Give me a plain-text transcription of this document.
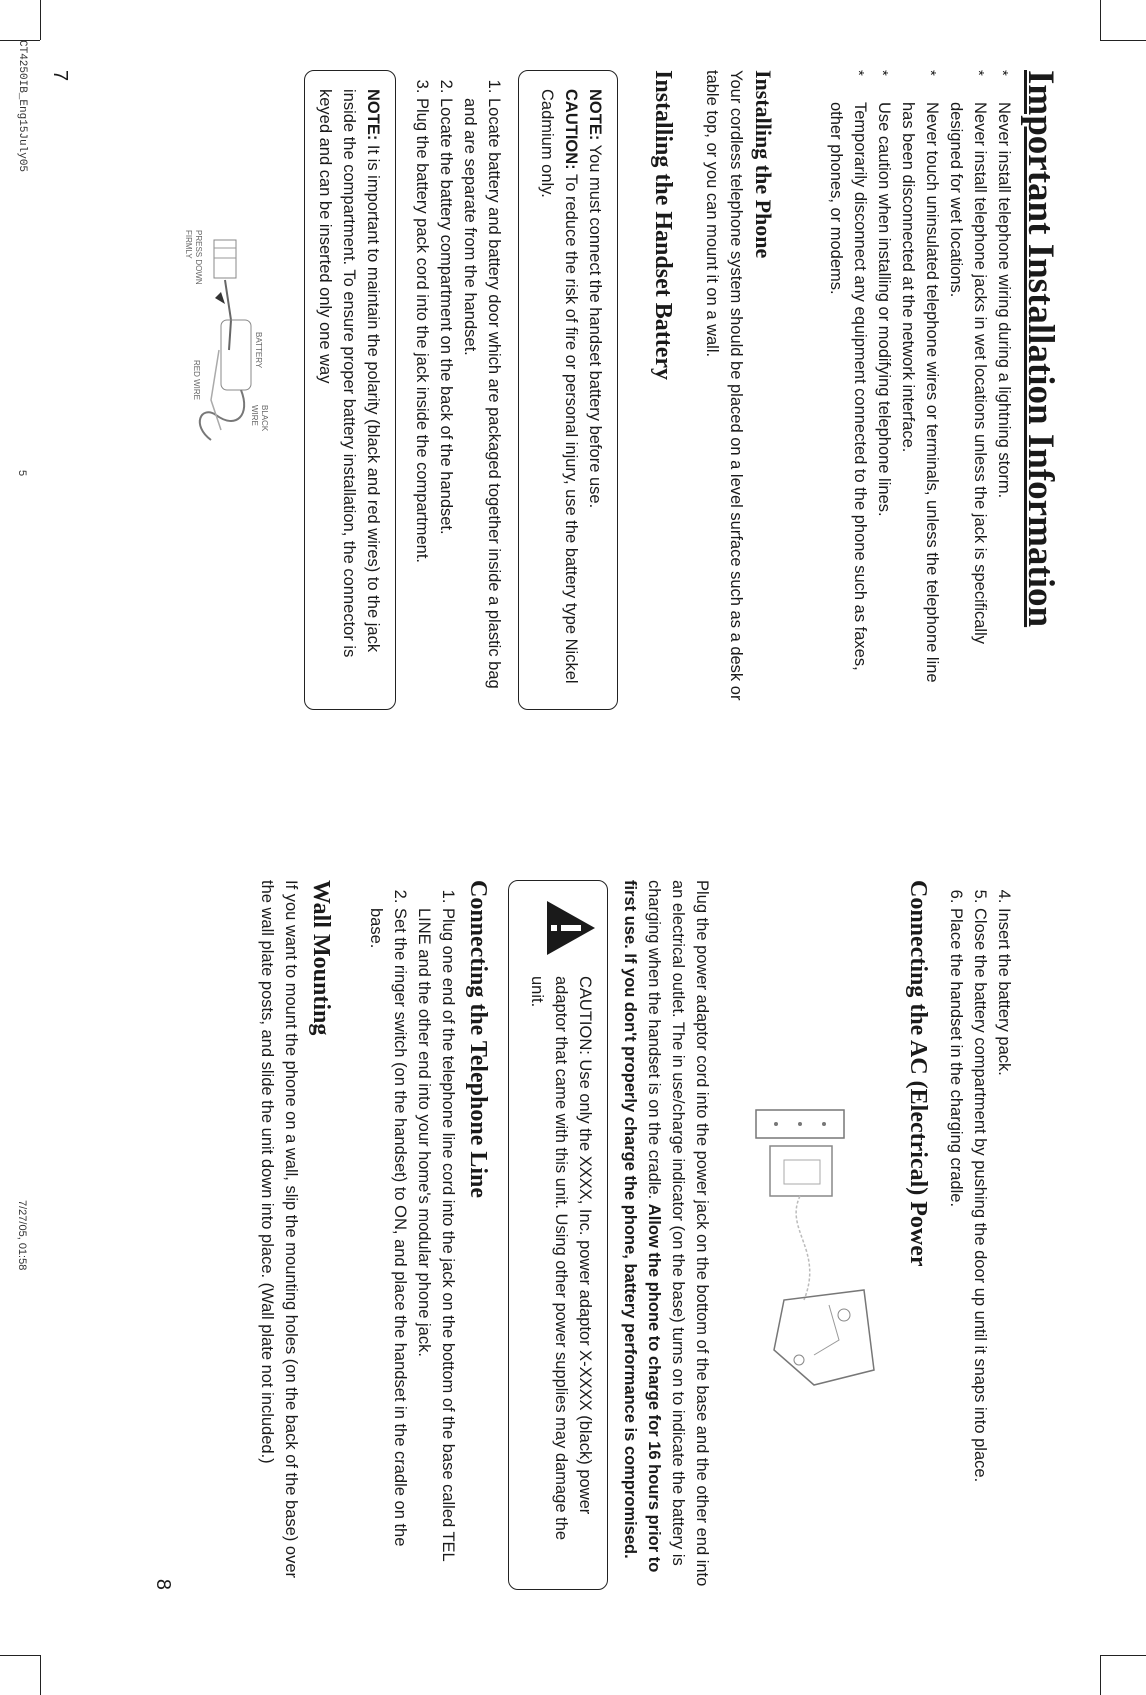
Important Installation Information
* Never install telephone wiring during a lightning storm.
* Never install telephone jacks in wet locations unless the jack is specifically designed for wet locations.
* Never touch uninsulated telephone wires or terminals, unless the telephone line has been disconnected at the network interface.
* Use caution when installing or modifying telephone lines.
* Temporarily disconnect any equipment connected to the phone such as faxes, other phones, or modems.
Installing the Phone

Your cordless telephone system should be placed on a level surface such as a desk or table top, or you can mount it on a wall.

Installing the Handset Battery

NOTE: You must connect the handset battery before use.

CAUTION: To reduce the risk of fire or personal injury, use the battery type Nickel Cadmium only.

1. Locate battery and battery door which are packaged together inside a plastic bag and are separate from the handset.
2. Locate the battery compartment on the back of the handset.
3. Plug the battery pack cord into the jack inside the compartment.

NOTE: It is important to maintain the polarity (black and red wires) to the jack inside the compartment. To ensure proper battery installation, the connector is keyed and can be inserted only one way

PRESS DOWN FIRMLY
BATTERY
BLACK WIRE
RED WIRE
7
4. Insert the battery pack.
5. Close the battery compartment by pushing the door up until it snaps into place.
6. Place the handset in the charging cradle.
Connecting the AC (Electrical) Power

Plug the power adaptor cord into the power jack on the bottom of the base and the other end into an electrical outlet. The in use/charge indicator (on the base) turns on to indicate the battery is charging when the handset is on the cradle. Allow the phone to charge for 16 hours prior to first use. If you don't properly charge the phone, battery performance is compromised.

CAUTION: Use only the XXXX, Inc. power adaptor X-XXXX (black) power adaptor that came with this unit. Using other power supplies may damage the unit.

Connecting the Telephone Line
1. Plug one end of the telephone line cord into the jack on the bottom of the base called TEL LINE and the other end into your home's modular phone jack.
2. Set the ringer switch (on the handset) to ON, and place the handset in the cradle on the base.
Wall Mounting

If you want to mount the phone on a wall, slip the mounting holes (on the back of the base) over the wall plate posts, and slide the unit down into place. (Wall plate not included.)

8
CT4250IB_Eng15July05
5
7/27/05, 01:58
